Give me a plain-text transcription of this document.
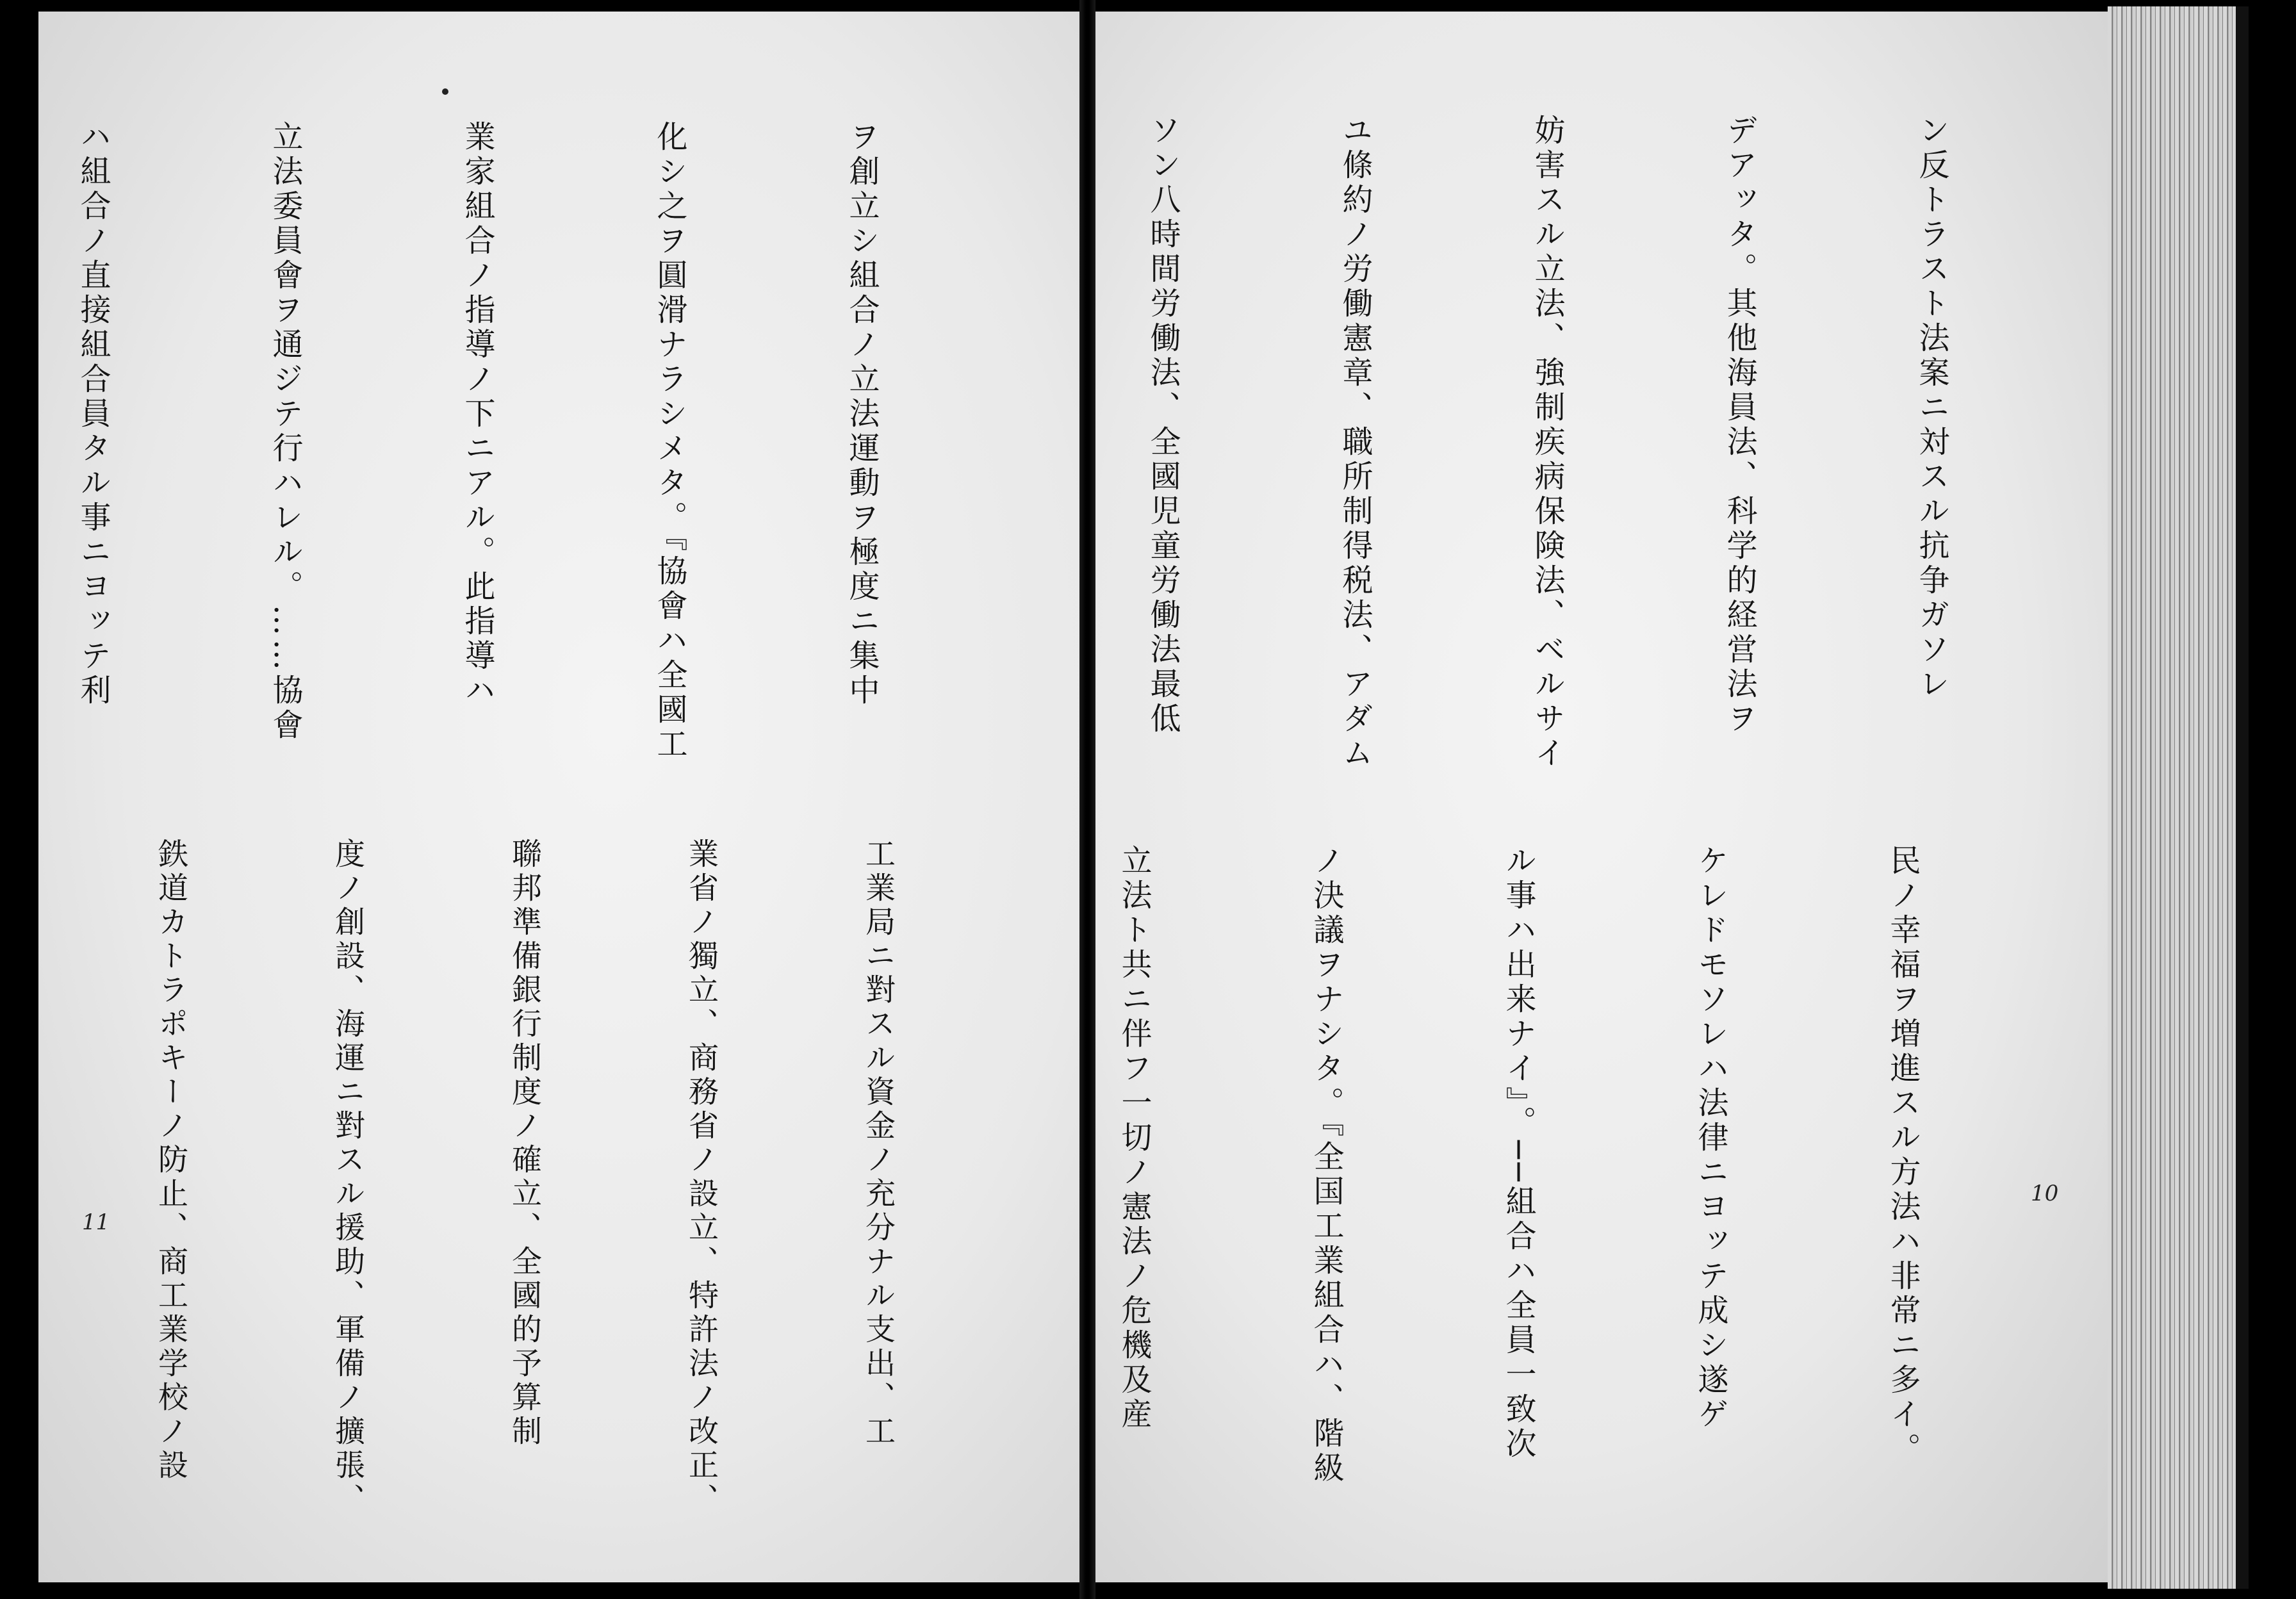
ヲ創立シ組合ノ立法運動ヲ極度ニ集中

化シ之ヲ圓滑ナラシメタ。『協會ハ全國工

業家組合ノ指導ノ下ニアル。此指導ハ

立法委員會ヲ通ジテ行ハレル。……協會

ハ組合ノ直接組合員タル事ニヨッテ利

工業局ニ對スル資金ノ充分ナル支出、工

業省ノ獨立、商務省ノ設立、特許法ノ改正、

聯邦準備銀行制度ノ確立、全國的予算制

度ノ創設、海運ニ對スル援助、軍備ノ擴張、

鉄道カトラポキーノ防止、商工業学校ノ設

11

ン反トラスト法案ニ対スル抗争ガソレ

デアッタ。其他海員法、科学的経営法ヲ

妨害スル立法、強制疾病保険法、ベルサイ

ユ條約ノ労働憲章、職所制得税法、アダム

ソン八時間労働法、全國児童労働法最低

民ノ幸福ヲ増進スル方法ハ非常ニ多イ。

ケレドモソレハ法律ニヨッテ成シ遂ゲ

ル事ハ出来ナイ』。──組合ハ全員一致次

ノ決議ヲナシタ。『全国工業組合ハ、階級

立法ト共ニ伴フ一切ノ憲法ノ危機及産

	10
